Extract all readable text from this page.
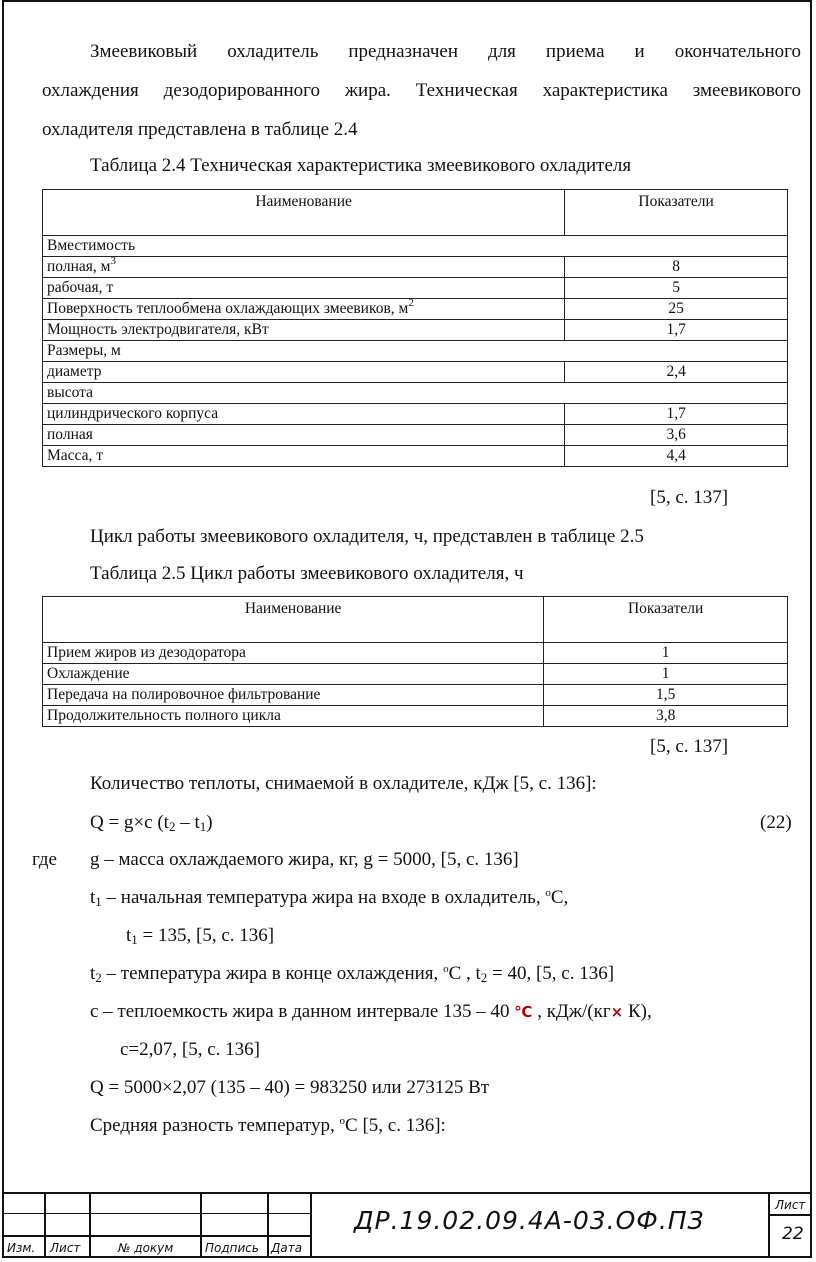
Змеевиковый охладитель предназначен для приема и окончательного
охлаждения дезодорированного жира. Техническая характеристика змеевикового
охладителя представлена в таблице 2.4
Таблица 2.4 Техническая характеристика змеевикового охладителя
Наименование	Показатели
Вместимость	
полная, $м^3$	8
рабочая, т	5
Поверхность теплообмена охлаждающих змеевиков, $м^2$	25
Мощность электродвигателя, кВт	1,7
Размеры, м	
диаметр	2,4
высота	
цилиндрического корпуса	1,7
полная	3,6
Масса, т	4,4
[5, с. 137]
Цикл работы змеевикового охладителя, ч, представлен в таблице 2.5
Таблица 2.5 Цикл работы змеевикового охладителя, ч
Наименование	Показатели
Прием жиров из дезодоратора	1
Охлаждение	1
Передача на полировочное фильтрование	1,5
Продолжительность полного цикла	3,8
[5, с. 137]
Количество теплоты, снимаемой в охладителе, кДж [5, с. 136]:
Q = g×c $(t_2 - t_1)$	(22)
где g – масса охлаждаемого жира, кг, g = 5000, [5, с. 136]
$t_1$ – начальная температура жира на входе в охладитель, $^o$С,
$t_1 = 135$, [5, с. 136]
$t_2$ – температура жира в конце охлаждения, $^o$С , $t_2 = 40$, [5, с. 136]
c – теплоемкость жира в данном интервале 135 – 40 ℃ , кДж/(кг× К),
c=2,07, [5, с. 136]
Q = 5000×2,07 (135 – 40) = 983250 или 273125 Вт
Средняя разность температур, $^o$С [5, с. 136]:
Изм. Лист	№ докум	Подпись Дата
ДР.19.02.09.4А-03.ОФ.ПЗ
Лист
22
